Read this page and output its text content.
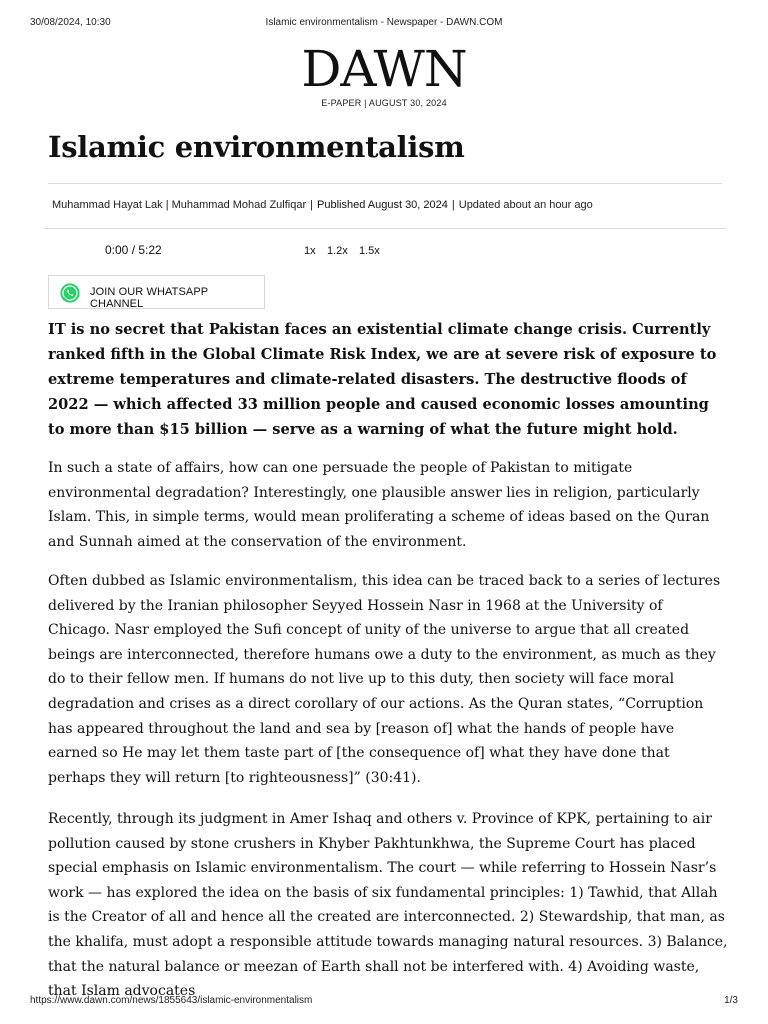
30/08/2024, 10:30	Islamic environmentalism - Newspaper - DAWN.COM
DAWN
E-PAPER | AUGUST 30, 2024
Islamic environmentalism
Muhammad Hayat Lak | Muhammad Mohad Zulfiqar | Published August 30, 2024 | Updated about an hour ago
0:00 / 5:22	1x 1.2x 1.5x
JOIN OUR WHATSAPP CHANNEL

IT is no secret that Pakistan faces an existential climate change crisis. Currently ranked fifth in the Global Climate Risk Index, we are at severe risk of exposure to extreme temperatures and climate-related disasters. The destructive floods of 2022 — which affected 33 million people and caused economic losses amounting to more than $15 billion — serve as a warning of what the future might hold.

In such a state of affairs, how can one persuade the people of Pakistan to mitigate environmental degradation? Interestingly, one plausible answer lies in religion, particularly Islam. This, in simple terms, would mean proliferating a scheme of ideas based on the Quran and Sunnah aimed at the conservation of the environment.

Often dubbed as Islamic environmentalism, this idea can be traced back to a series of lectures delivered by the Iranian philosopher Seyyed Hossein Nasr in 1968 at the University of Chicago. Nasr employed the Sufi concept of unity of the universe to argue that all created beings are interconnected, therefore humans owe a duty to the environment, as much as they do to their fellow men. If humans do not live up to this duty, then society will face moral degradation and crises as a direct corollary of our actions. As the Quran states, “Corruption has appeared throughout the land and sea by [reason of] what the hands of people have earned so He may let them taste part of [the consequence of] what they have done that perhaps they will return [to righteousness]” (30:41).

Recently, through its judgment in Amer Ishaq and others v. Province of KPK, pertaining to air pollution caused by stone crushers in Khyber Pakhtunkhwa, the Supreme Court has placed special emphasis on Islamic environmentalism. The court — while referring to Hossein Nasr’s work — has explored the idea on the basis of six fundamental principles: 1) Tawhid, that Allah is the Creator of all and hence all the created are interconnected. 2) Stewardship, that man, as the khalifa, must adopt a responsible attitude towards managing natural resources. 3) Balance, that the natural balance or meezan of Earth shall not be interfered with. 4) Avoiding waste, that Islam advocates

https://www.dawn.com/news/1855643/islamic-environmentalism	1/3
